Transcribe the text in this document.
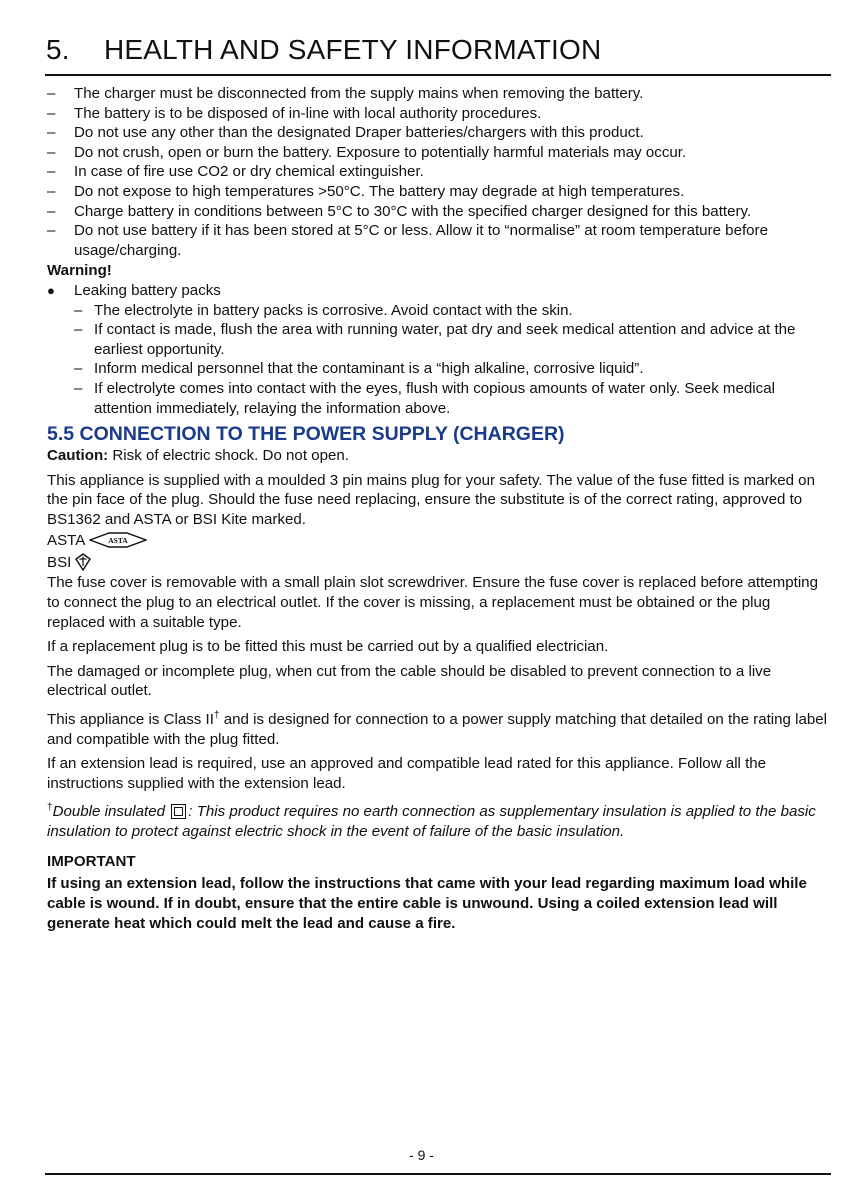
5. HEALTH AND SAFETY INFORMATION
– The charger must be disconnected from the supply mains when removing the battery.
– The battery is to be disposed of in-line with local authority procedures.
– Do not use any other than the designated Draper batteries/chargers with this product.
– Do not crush, open or burn the battery. Exposure to potentially harmful materials may occur.
– In case of fire use CO2 or dry chemical extinguisher.
– Do not expose to high temperatures >50°C. The battery may degrade at high temperatures.
– Charge battery in conditions between 5°C to 30°C with the specified charger designed for this battery.
– Do not use battery if it has been stored at 5°C or less. Allow it to “normalise” at room temperature before usage/charging.
Warning!
● Leaking battery packs
– The electrolyte in battery packs is corrosive. Avoid contact with the skin.
– If contact is made, flush the area with running water, pat dry and seek medical attention and advice at the earliest opportunity.
– Inform medical personnel that the contaminant is a “high alkaline, corrosive liquid”.
– If electrolyte comes into contact with the eyes, flush with copious amounts of water only. Seek medical attention immediately, relaying the information above.
5.5 CONNECTION TO THE POWER SUPPLY (CHARGER)

Caution: Risk of electric shock. Do not open.

This appliance is supplied with a moulded 3 pin mains plug for your safety. The value of the fuse fitted is marked on the pin face of the plug. Should the fuse need replacing, ensure the substitute is of the correct rating, approved to BS1362 and ASTA or BSI Kite marked.

ASTA	ASTA
BSI

The fuse cover is removable with a small plain slot screwdriver. Ensure the fuse cover is replaced before attempting to connect the plug to an electrical outlet. If the cover is missing, a replacement must be obtained or the plug replaced with a suitable type.

If a replacement plug is to be fitted this must be carried out by a qualified electrician.

The damaged or incomplete plug, when cut from the cable should be disabled to prevent connection to a live electrical outlet.

This appliance is Class II† and is designed for connection to a power supply matching that detailed on the rating label and compatible with the plug fitted.

If an extension lead is required, use an approved and compatible lead rated for this appliance. Follow all the instructions supplied with the extension lead.

†Double insulated : This product requires no earth connection as supplementary insulation is applied to the basic insulation to protect against electric shock in the event of failure of the basic insulation.

IMPORTANT

If using an extension lead, follow the instructions that came with your lead regarding maximum load while cable is wound. If in doubt, ensure that the entire cable is unwound. Using a coiled extension lead will generate heat which could melt the lead and cause a fire.

- 9 -
